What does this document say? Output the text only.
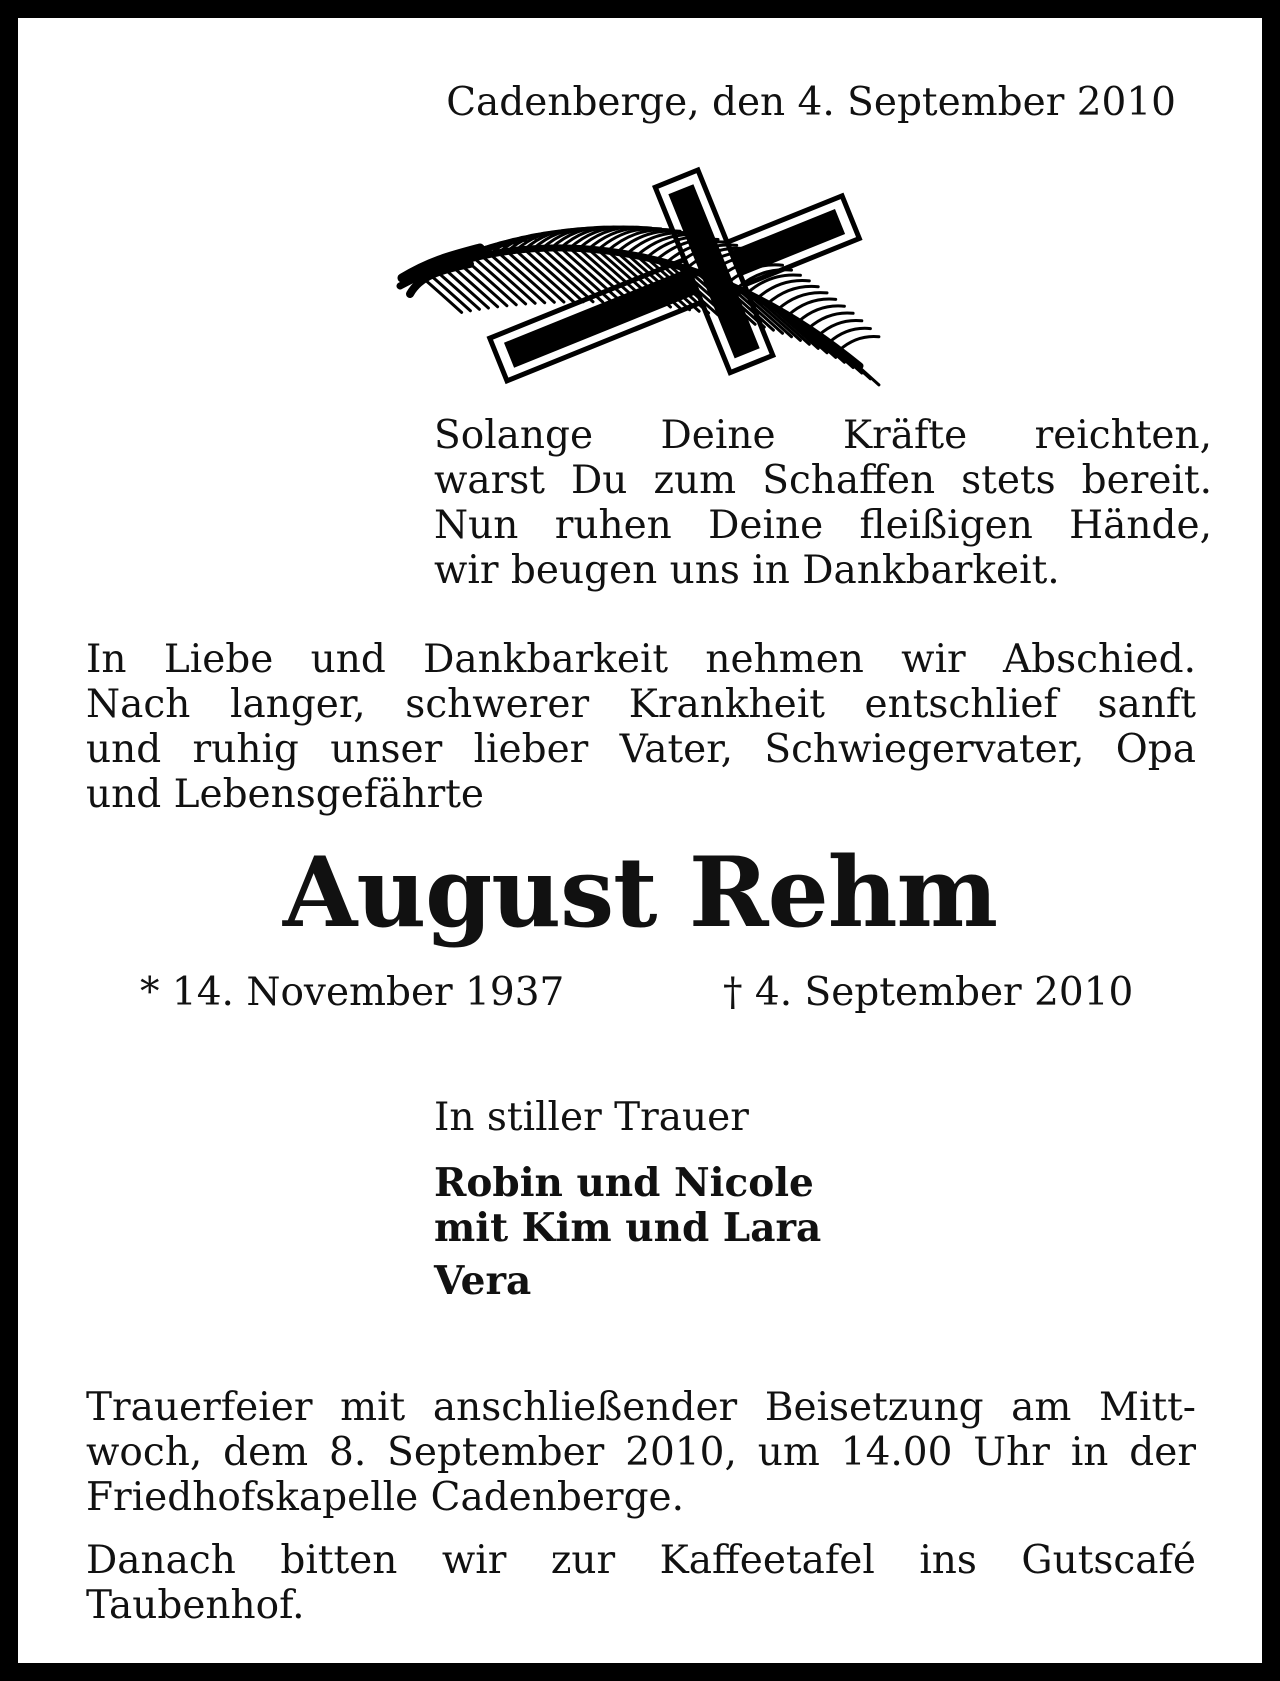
Cadenberge, den 4. September 2010

Solange Deine Kräfte reichten,
warst Du zum Schaffen stets bereit.
Nun ruhen Deine fleißigen Hände,
wir beugen uns in Dankbarkeit.
In Liebe und Dankbarkeit nehmen wir Abschied.
Nach langer, schwerer Krankheit entschlief sanft
und ruhig unser lieber Vater, Schwiegervater, Opa
und Lebensgefährte

August Rehm

* 14. November 1937	† 4. September 2010

In stiller Trauer

Robin und Nicole
mit Kim und Lara
Vera
Trauerfeier mit anschließender Beisetzung am Mitt-
woch, dem 8. September 2010, um 14.00 Uhr in der
Friedhofskapelle Cadenberge.
Danach bitten wir zur Kaffeetafel ins Gutscafé
Taubenhof.
